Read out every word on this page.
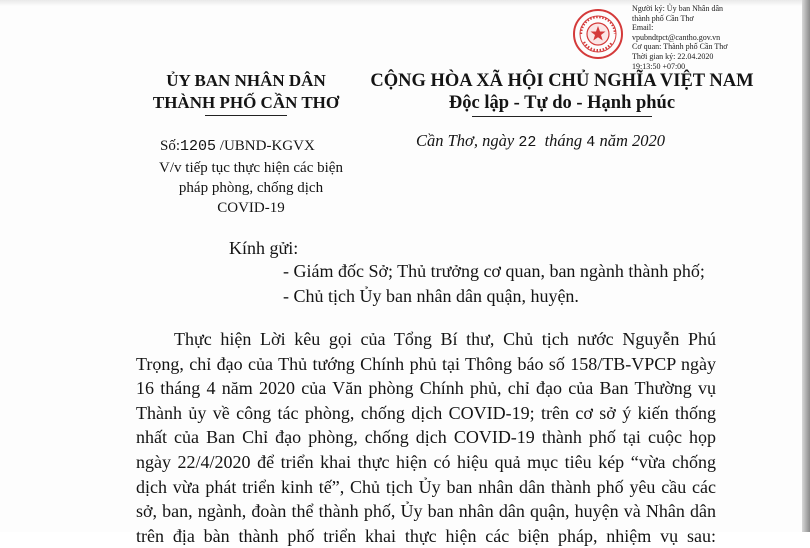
Người ký: Ủy ban Nhân dân
thành phố Cần Thơ
Email:
vpubndtpct@cantho.gov.vn
Cơ quan: Thành phố Cần Thơ
Thời gian ký: 22.04.2020
19:13:50 +07:00
ỦY BAN NHÂN DÂN
THÀNH PHỐ CẦN THƠ
CỘNG HÒA XÃ HỘI CHỦ NGHĨA VIỆT NAM
Độc lập - Tự do - Hạnh phúc
Số:1205 /UBND-KGVX
V/v tiếp tục thực hiện các biện
pháp phòng, chống dịch
COVID-19
Cần Thơ, ngày 22 tháng 4 năm 2020
Kính gửi:
- Giám đốc Sở; Thủ trưởng cơ quan, ban ngành thành phố;
- Chủ tịch Ủy ban nhân dân quận, huyện.
Thực hiện Lời kêu gọi của Tổng Bí thư, Chủ tịch nước Nguyễn Phú
Trọng, chỉ đạo của Thủ tướng Chính phủ tại Thông báo số 158/TB-VPCP ngày
16 tháng 4 năm 2020 của Văn phòng Chính phủ, chỉ đạo của Ban Thường vụ
Thành ủy về công tác phòng, chống dịch COVID-19; trên cơ sở ý kiến thống
nhất của Ban Chỉ đạo phòng, chống dịch COVID-19 thành phố tại cuộc họp
ngày 22/4/2020 để triển khai thực hiện có hiệu quả mục tiêu kép “vừa chống
dịch vừa phát triển kinh tế”, Chủ tịch Ủy ban nhân dân thành phố yêu cầu các
sở, ban, ngành, đoàn thể thành phố, Ủy ban nhân dân quận, huyện và Nhân dân
trên địa bàn thành phố triển khai thực hiện các biện pháp, nhiệm vụ sau:
